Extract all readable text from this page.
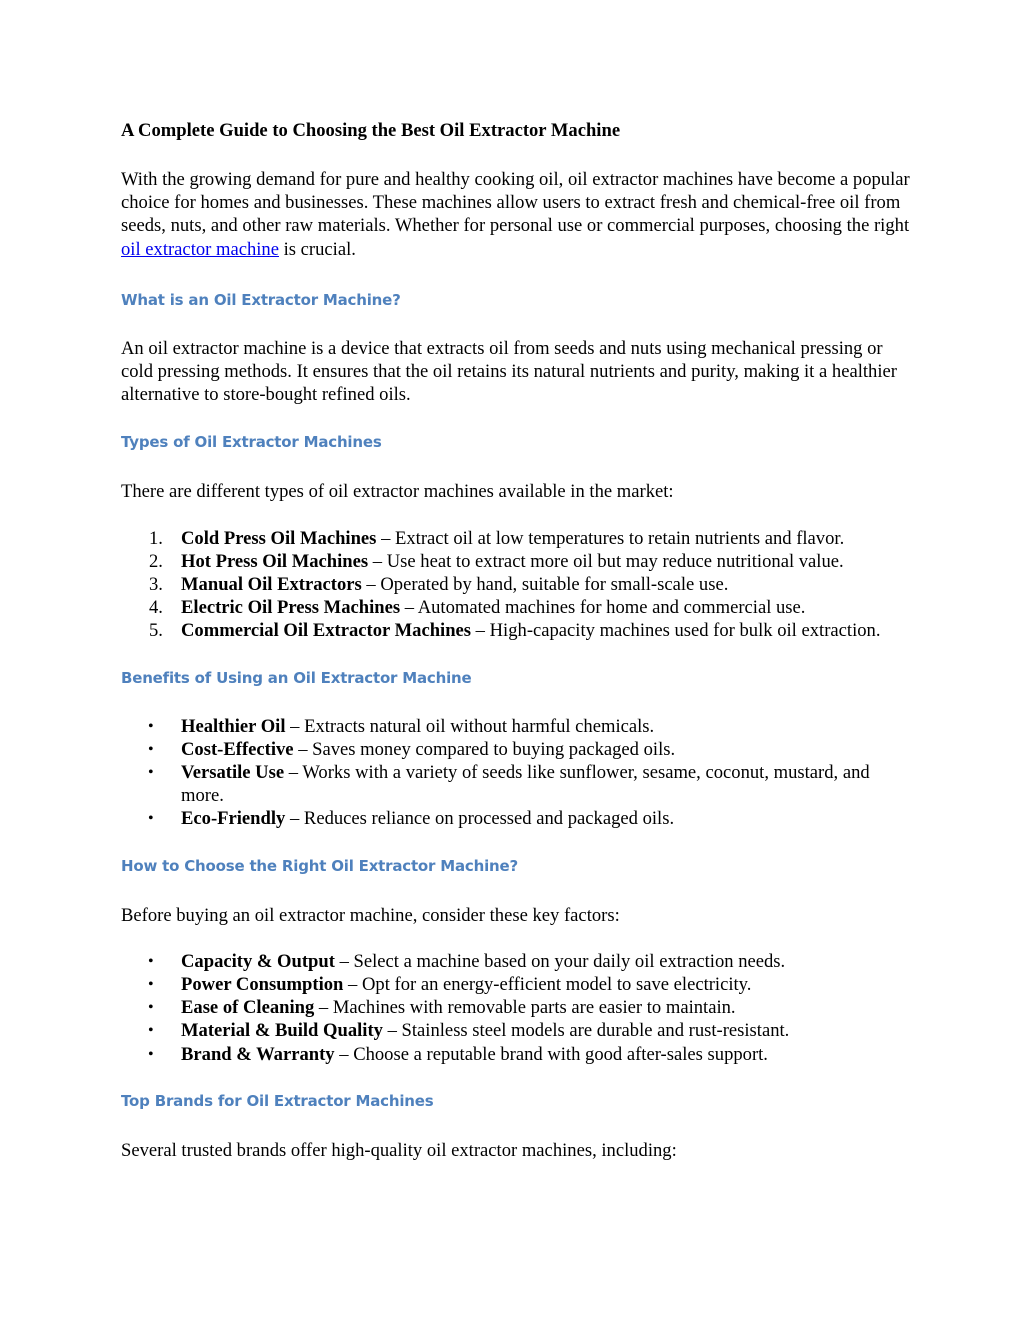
A Complete Guide to Choosing the Best Oil Extractor Machine

With the growing demand for pure and healthy cooking oil, oil extractor machines have become a popular choice for homes and businesses. These machines allow users to extract fresh and chemical-free oil from seeds, nuts, and other raw materials. Whether for personal use or commercial purposes, choosing the right oil extractor machine is crucial.

What is an Oil Extractor Machine?

An oil extractor machine is a device that extracts oil from seeds and nuts using mechanical pressing or cold pressing methods. It ensures that the oil retains its natural nutrients and purity, making it a healthier alternative to store-bought refined oils.

Types of Oil Extractor Machines

There are different types of oil extractor machines available in the market:

1. Cold Press Oil Machines – Extract oil at low temperatures to retain nutrients and flavor.
2. Hot Press Oil Machines – Use heat to extract more oil but may reduce nutritional value.
3. Manual Oil Extractors – Operated by hand, suitable for small-scale use.
4. Electric Oil Press Machines – Automated machines for home and commercial use.
5. Commercial Oil Extractor Machines – High-capacity machines used for bulk oil extraction.
Benefits of Using an Oil Extractor Machine
• Healthier Oil – Extracts natural oil without harmful chemicals.
• Cost-Effective – Saves money compared to buying packaged oils.
• Versatile Use – Works with a variety of seeds like sunflower, sesame, coconut, mustard, and more.
• Eco-Friendly – Reduces reliance on processed and packaged oils.
How to Choose the Right Oil Extractor Machine?

Before buying an oil extractor machine, consider these key factors:

• Capacity & Output – Select a machine based on your daily oil extraction needs.
• Power Consumption – Opt for an energy-efficient model to save electricity.
• Ease of Cleaning – Machines with removable parts are easier to maintain.
• Material & Build Quality – Stainless steel models are durable and rust-resistant.
• Brand & Warranty – Choose a reputable brand with good after-sales support.
Top Brands for Oil Extractor Machines

Several trusted brands offer high-quality oil extractor machines, including:
